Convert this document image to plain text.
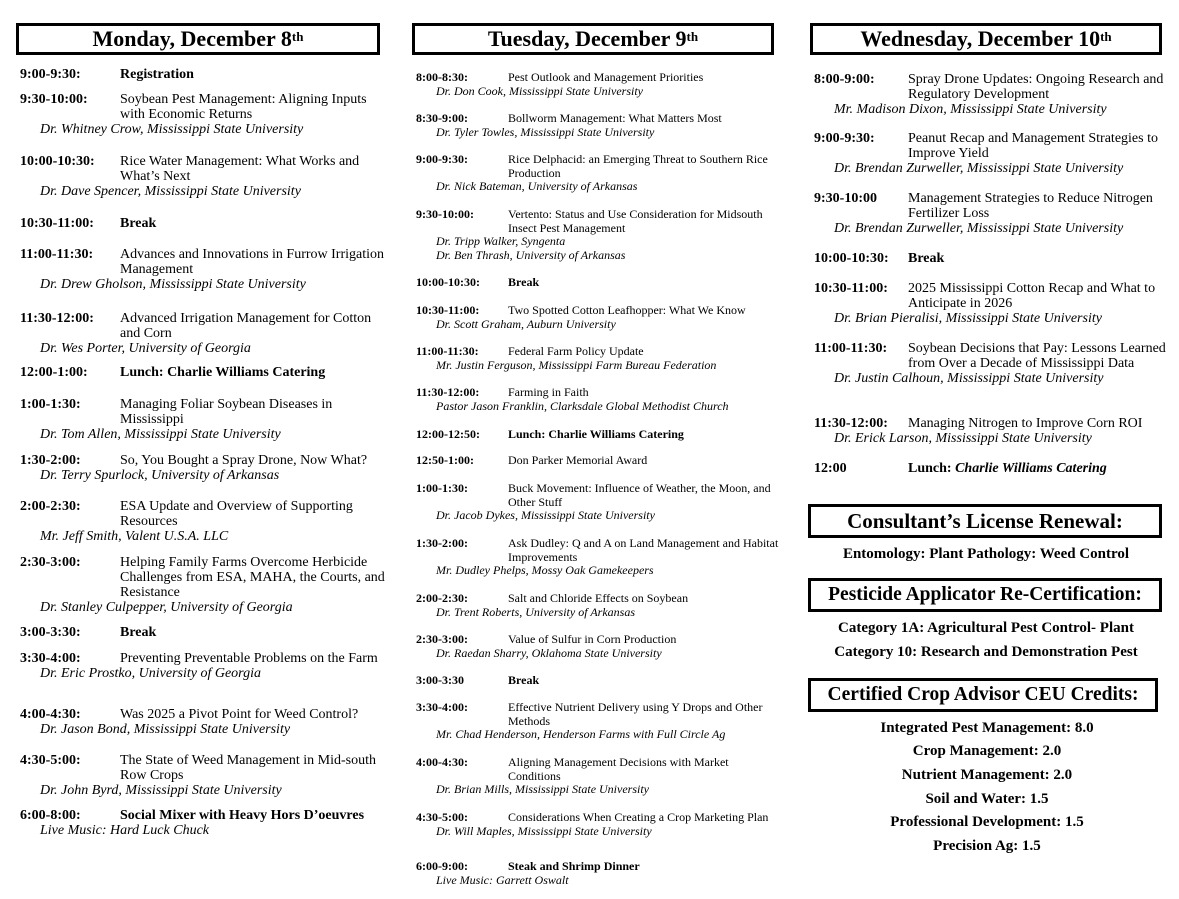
Monday, December 8th
9:00-9:30:	Registration
9:30-10:00:	Soybean Pest Management: Aligning Inputs with Economic Returns
Dr. Whitney Crow, Mississippi State University
10:00-10:30:	Rice Water Management: What Works and What’s Next
Dr. Dave Spencer, Mississippi State University
10:30-11:00:	Break
11:00-11:30:	Advances and Innovations in Furrow Irrigation Management
Dr. Drew Gholson, Mississippi State University
11:30-12:00:	Advanced Irrigation Management for Cotton and Corn
Dr. Wes Porter, University of Georgia
12:00-1:00:	Lunch: Charlie Williams Catering
1:00-1:30:	Managing Foliar Soybean Diseases in Mississippi
Dr. Tom Allen, Mississippi State University
1:30-2:00:	So, You Bought a Spray Drone, Now What?
Dr. Terry Spurlock, University of Arkansas
2:00-2:30:	ESA Update and Overview of Supporting Resources
Mr. Jeff Smith, Valent U.S.A. LLC
2:30-3:00:	Helping Family Farms Overcome Herbicide Challenges from ESA, MAHA, the Courts, and Resistance
Dr. Stanley Culpepper, University of Georgia
3:00-3:30:	Break
3:30-4:00:	Preventing Preventable Problems on the Farm
Dr. Eric Prostko, University of Georgia
4:00-4:30:	Was 2025 a Pivot Point for Weed Control?
Dr. Jason Bond, Mississippi State University
4:30-5:00:	The State of Weed Management in Mid-south Row Crops
Dr. John Byrd, Mississippi State University
6:00-8:00:	Social Mixer with Heavy Hors D’oeuvres
Live Music: Hard Luck Chuck
Tuesday, December 9th
8:00-8:30:	Pest Outlook and Management Priorities
Dr. Don Cook, Mississippi State University
8:30-9:00:	Bollworm Management: What Matters Most
Dr. Tyler Towles, Mississippi State University
9:00-9:30:	Rice Delphacid: an Emerging Threat to Southern Rice Production
Dr. Nick Bateman, University of Arkansas
9:30-10:00:	Vertento: Status and Use Consideration for Midsouth Insect Pest Management
Dr. Tripp Walker, Syngenta
Dr. Ben Thrash, University of Arkansas
10:00-10:30:	Break
10:30-11:00:	Two Spotted Cotton Leafhopper: What We Know
Dr. Scott Graham, Auburn University
11:00-11:30:	Federal Farm Policy Update
Mr. Justin Ferguson, Mississippi Farm Bureau Federation
11:30-12:00:	Farming in Faith
Pastor Jason Franklin, Clarksdale Global Methodist Church
12:00-12:50:	Lunch: Charlie Williams Catering
12:50-1:00:	Don Parker Memorial Award
1:00-1:30:	Buck Movement: Influence of Weather, the Moon, and Other Stuff
Dr. Jacob Dykes, Mississippi State University
1:30-2:00:	Ask Dudley: Q and A on Land Management and Habitat Improvements
Mr. Dudley Phelps, Mossy Oak Gamekeepers
2:00-2:30:	Salt and Chloride Effects on Soybean
Dr. Trent Roberts, University of Arkansas
2:30-3:00:	Value of Sulfur in Corn Production
Dr. Raedan Sharry, Oklahoma State University
3:00-3:30	Break
3:30-4:00:	Effective Nutrient Delivery using Y Drops and Other Methods
Mr. Chad Henderson, Henderson Farms with Full Circle Ag
4:00-4:30:	Aligning Management Decisions with Market Conditions
Dr. Brian Mills, Mississippi State University
4:30-5:00:	Considerations When Creating a Crop Marketing Plan
Dr. Will Maples, Mississippi State University
6:00-9:00:	Steak and Shrimp Dinner
Live Music: Garrett Oswalt
Wednesday, December 10th
8:00-9:00:	Spray Drone Updates: Ongoing Research and Regulatory Development
Mr. Madison Dixon, Mississippi State University
9:00-9:30:	Peanut Recap and Management Strategies to Improve Yield
Dr. Brendan Zurweller, Mississippi State University
9:30-10:00	Management Strategies to Reduce Nitrogen Fertilizer Loss
Dr. Brendan Zurweller, Mississippi State University
10:00-10:30:	Break
10:30-11:00:	2025 Mississippi Cotton Recap and What to Anticipate in 2026
Dr. Brian Pieralisi, Mississippi State University
11:00-11:30:	Soybean Decisions that Pay: Lessons Learned from Over a Decade of Mississippi Data
Dr. Justin Calhoun, Mississippi State University
11:30-12:00:	Managing Nitrogen to Improve Corn ROI
Dr. Erick Larson, Mississippi State University
12:00	Lunch: Charlie Williams Catering
Consultant’s License Renewal:
Entomology: Plant Pathology: Weed Control
Pesticide Applicator Re-Certification:
Category 1A: Agricultural Pest Control- Plant
Category 10: Research and Demonstration Pest
Certified Crop Advisor CEU Credits:
Integrated Pest Management: 8.0
Crop Management: 2.0
Nutrient Management: 2.0
Soil and Water: 1.5
Professional Development: 1.5
Precision Ag: 1.5
